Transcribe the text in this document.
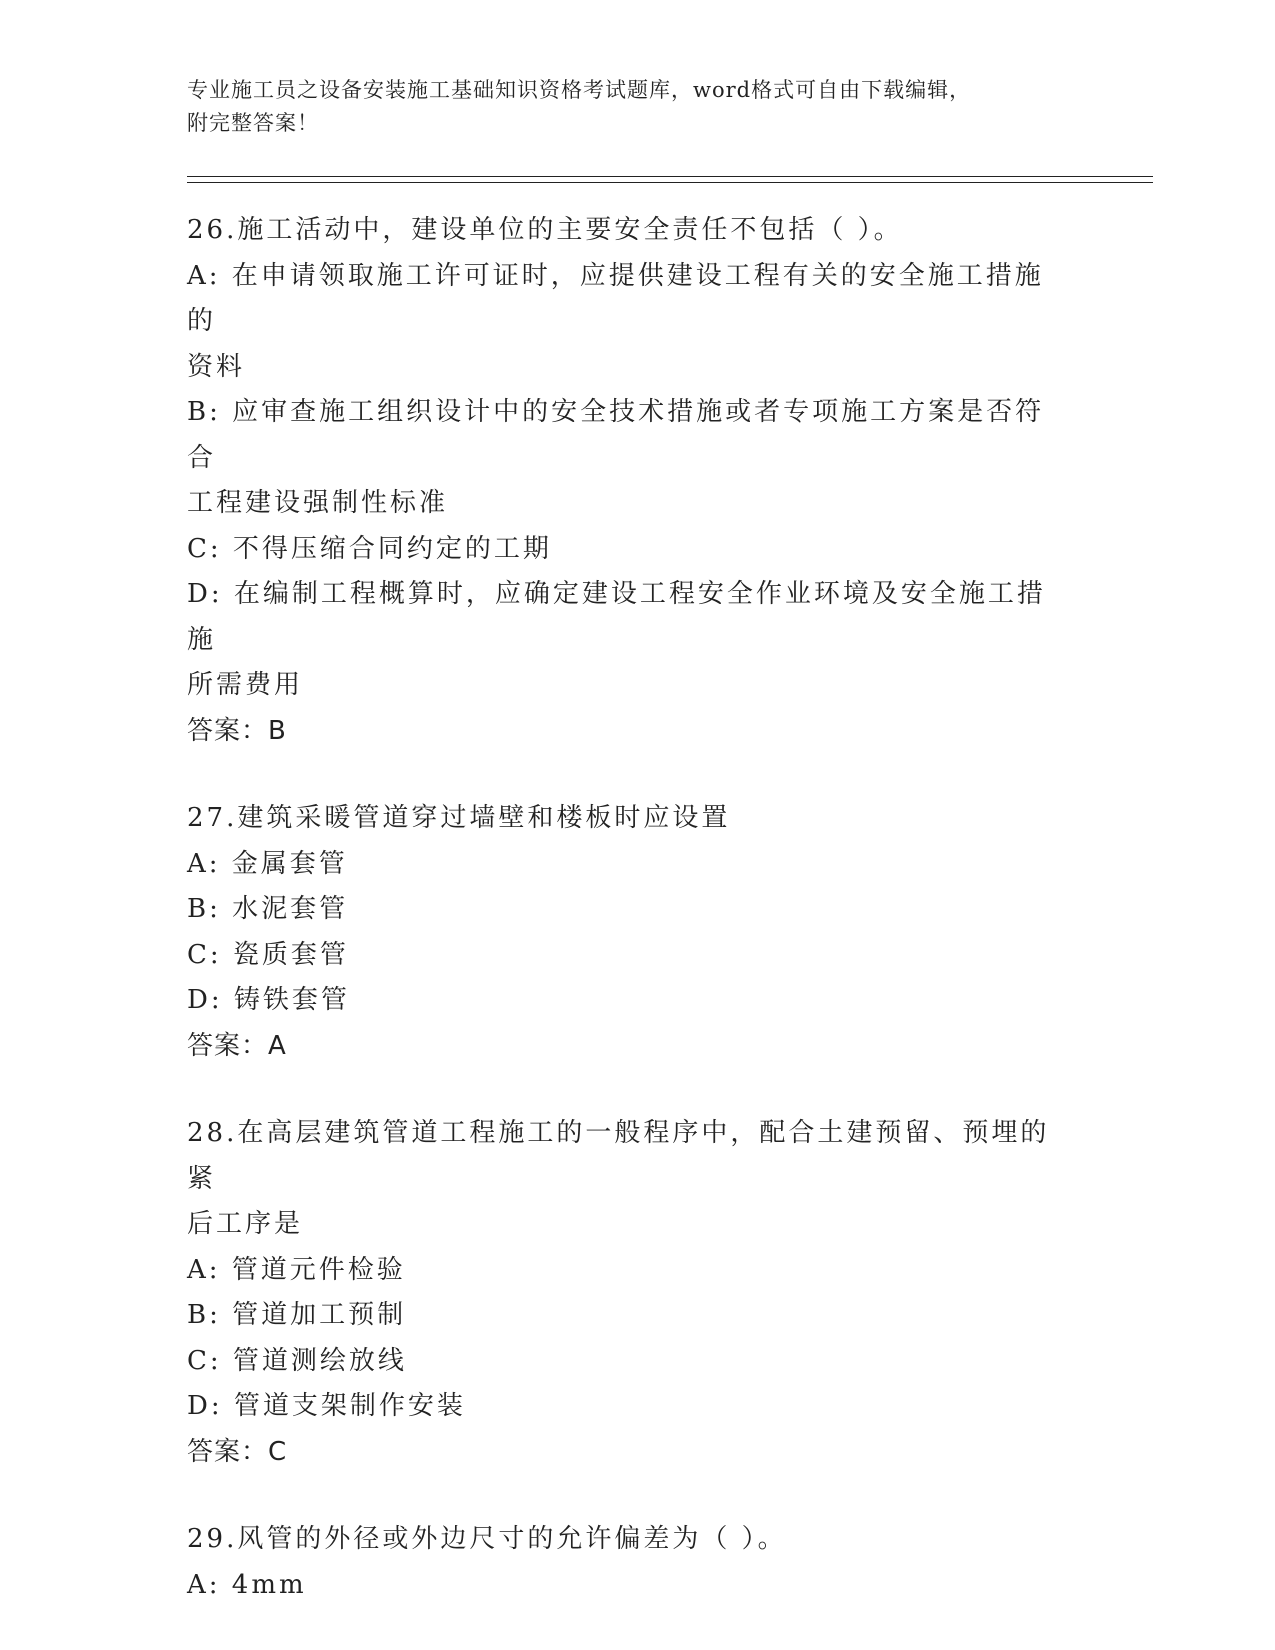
专业施工员之设备安装施工基础知识资格考试题库，word格式可自由下载编辑，
附完整答案！

26.施工活动中，建设单位的主要安全责任不包括（ ）。

A: 在申请领取施工许可证时，应提供建设工程有关的安全施工措施的

资料

B: 应审查施工组织设计中的安全技术措施或者专项施工方案是否符合

工程建设强制性标准

C: 不得压缩合同约定的工期

D: 在编制工程概算时，应确定建设工程安全作业环境及安全施工措施

所需费用

答案：B

27.建筑采暖管道穿过墙壁和楼板时应设置

A: 金属套管

B: 水泥套管

C: 瓷质套管

D: 铸铁套管

答案：A

28.在高层建筑管道工程施工的一般程序中，配合土建预留、预埋的紧

后工序是

A: 管道元件检验

B: 管道加工预制

C: 管道测绘放线

D: 管道支架制作安装

答案：C

29.风管的外径或外边尺寸的允许偏差为（ ）。

A: 4mm
